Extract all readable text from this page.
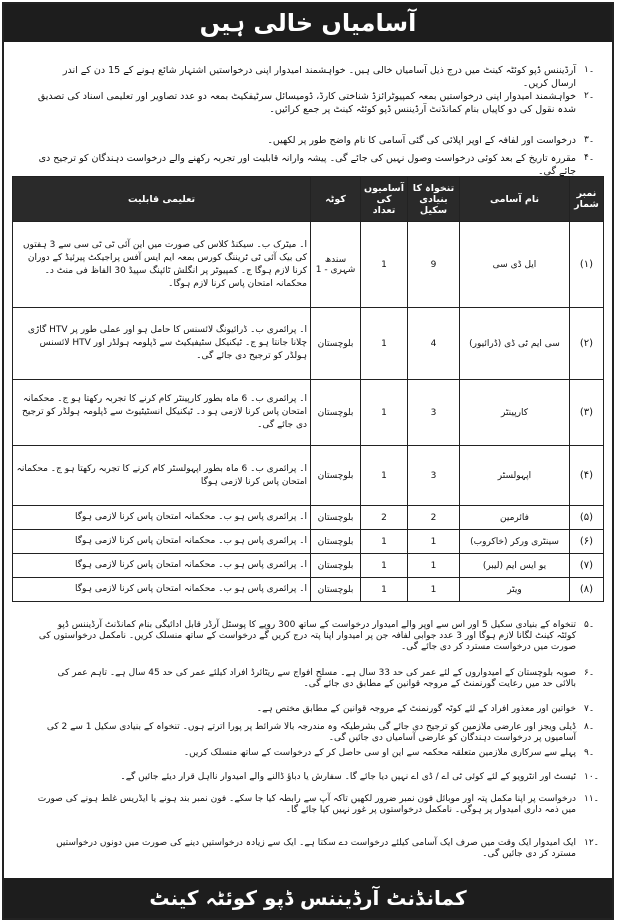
آسامیاں خالی ہیں
۱۔
آرڈیننس ڈپو کوئٹہ کینٹ میں درج ذیل آسامیاں خالی ہیں۔ خواہشمند امیدوار اپنی درخواستیں اشتہار شائع ہونے کے 15 دن کے اندر ارسال کریں۔
۲۔
خواہشمند امیدوار اپنی درخواستیں بمعہ کمپیوٹرائزڈ شناختی کارڈ، ڈومیسائل سرٹیفکیٹ بمعہ دو عدد تصاویر اور تعلیمی اسناد کی تصدیق شدہ نقول کی دو کاپیاں بنام کمانڈنٹ آرڈیننس ڈپو کوئٹہ کینٹ پر جمع کرائیں۔
۳۔
درخواست اور لفافہ کے اوپر اپلائی کی گئی آسامی کا نام واضح طور پر لکھیں۔
۴۔
مقررہ تاریخ کے بعد کوئی درخواست وصول نہیں کی جائے گی۔ پیشہ وارانہ قابلیت اور تجربہ رکھنے والے درخواست دہندگان کو ترجیح دی جائے گی۔
نمبر شمار	نام آسامی	تنخواہ کا بنیادی سکیل	آسامیوں کی تعداد	کوٹہ	تعلیمی قابلیت
(۱)	ایل ڈی سی	9	1	سندھ شہری - 1	ا۔ میٹرک ب۔ سیکنڈ کلاس کی صورت میں این آئی ٹی ٹی سی سے 3 ہفتوں کی بیک آئی ٹی ٹریننگ کورس بمعہ ایم ایس آفس پراجیکٹ پیرئیڈ کے دوران کرنا لازم ہوگا ج۔ کمپیوٹر پر انگلش ٹائپنگ سپیڈ 30 الفاظ فی منٹ د۔ محکمانہ امتحان پاس کرنا لازم ہوگا۔
(۲)	سی ایم ٹی ڈی (ڈرائیور)	4	1	بلوچستان	ا۔ پرائمری ب۔ ڈرائیونگ لائسنس کا حامل ہو اور عملی طور پر HTV گاڑی چلانا جانتا ہو ج۔ ٹیکنیکل سٹیفیکیٹ سے ڈپلومہ ہولڈر اور HTV لائسنس ہولڈر کو ترجیح دی جائے گی۔
(۳)	کارپینٹر	3	1	بلوچستان	ا۔ پرائمری ب۔ 6 ماہ بطور کارپینٹر کام کرنے کا تجربہ رکھتا ہو ج۔ محکمانہ امتحان پاس کرنا لازمی ہو د۔ ٹیکنیکل انسٹیٹیوٹ سے ڈپلومہ ہولڈر کو ترجیح دی جائے گی۔
(۴)	اپہولسٹر	3	1	بلوچستان	ا۔ پرائمری ب۔ 6 ماہ بطور اپہولسٹر کام کرنے کا تجربہ رکھتا ہو ج۔ محکمانہ امتحان پاس کرنا لازمی ہوگا
(۵)	فائرمین	2	2	بلوچستان	ا۔ پرائمری پاس ہو ب۔ محکمانہ امتحان پاس کرنا لازمی ہوگا
(۶)	سینٹری ورکر (خاکروب)	1	1	بلوچستان	ا۔ پرائمری پاس ہو ب۔ محکمانہ امتحان پاس کرنا لازمی ہوگا
(۷)	یو ایس ایم (لیبر)	1	1	بلوچستان	ا۔ پرائمری پاس ہو ب۔ محکمانہ امتحان پاس کرنا لازمی ہوگا
(۸)	ویٹر	1	1	بلوچستان	ا۔ پرائمری پاس ہو ب۔ محکمانہ امتحان پاس کرنا لازمی ہوگا
۵۔
تنخواہ کے بنیادی سکیل 5 اور اس سے اوپر والے امیدوار درخواست کے ساتھ 300 روپے کا پوسٹل آرڈر قابل ادائیگی بنام کمانڈنٹ آرڈیننس ڈپو کوئٹہ کینٹ لگانا لازم ہوگا اور 3 عدد جوابی لفافہ جن پر امیدوار اپنا پتہ درج کریں گے درخواست کے ساتھ منسلک کریں۔ نامکمل درخواستوں کی صورت میں درخواست مسترد کر دی جائے گی۔
۶۔
صوبہ بلوچستان کے امیدواروں کے لئے عمر کی حد 33 سال ہے۔ مسلح افواج سے ریٹائرڈ افراد کیلئے عمر کی حد 45 سال ہے۔ تاہم عمر کی بالائی حد میں رعایت گورنمنٹ کے مروجہ قوانین کے مطابق دی جائے گی۔
۷۔
خواتین اور معذور افراد کے لئے کوٹہ گورنمنٹ کے مروجہ قوانین کے مطابق مختص ہے۔
۸۔
ڈیلی ویجز اور عارضی ملازمین کو ترجیح دی جائے گی بشرطیکہ وہ مندرجہ بالا شرائط پر پورا اترتے ہوں۔ تنخواہ کے بنیادی سکیل 1 سے 2 کی آسامیوں پر درخواست دہندگان کو عارضی آسامیاں دی جائیں گی۔
۹۔
پہلے سے سرکاری ملازمین متعلقہ محکمہ سے این او سی حاصل کر کے درخواست کے ساتھ منسلک کریں۔
۱۰۔
ٹیسٹ اور انٹرویو کے لئے کوئی ٹی اے / ڈی اے نہیں دیا جائے گا۔ سفارش یا دباؤ ڈالنے والے امیدوار نااہل قرار دیئے جائیں گے۔
۱۱۔
درخواست پر اپنا مکمل پتہ اور موبائل فون نمبر ضرور لکھیں تاکہ آپ سے رابطہ کیا جا سکے۔ فون نمبر بند ہونے یا ایڈریس غلط ہونے کی صورت میں ذمہ داری امیدوار پر ہوگی۔ نامکمل درخواستوں پر غور نہیں کیا جائے گا۔
۱۲۔
ایک امیدوار ایک وقت میں صرف ایک آسامی کیلئے درخواست دے سکتا ہے۔ ایک سے زیادہ درخواستیں دینے کی صورت میں دونوں درخواستیں مسترد کر دی جائیں گی۔
کمانڈنٹ آرڈیننس ڈپو کوئٹہ کینٹ
